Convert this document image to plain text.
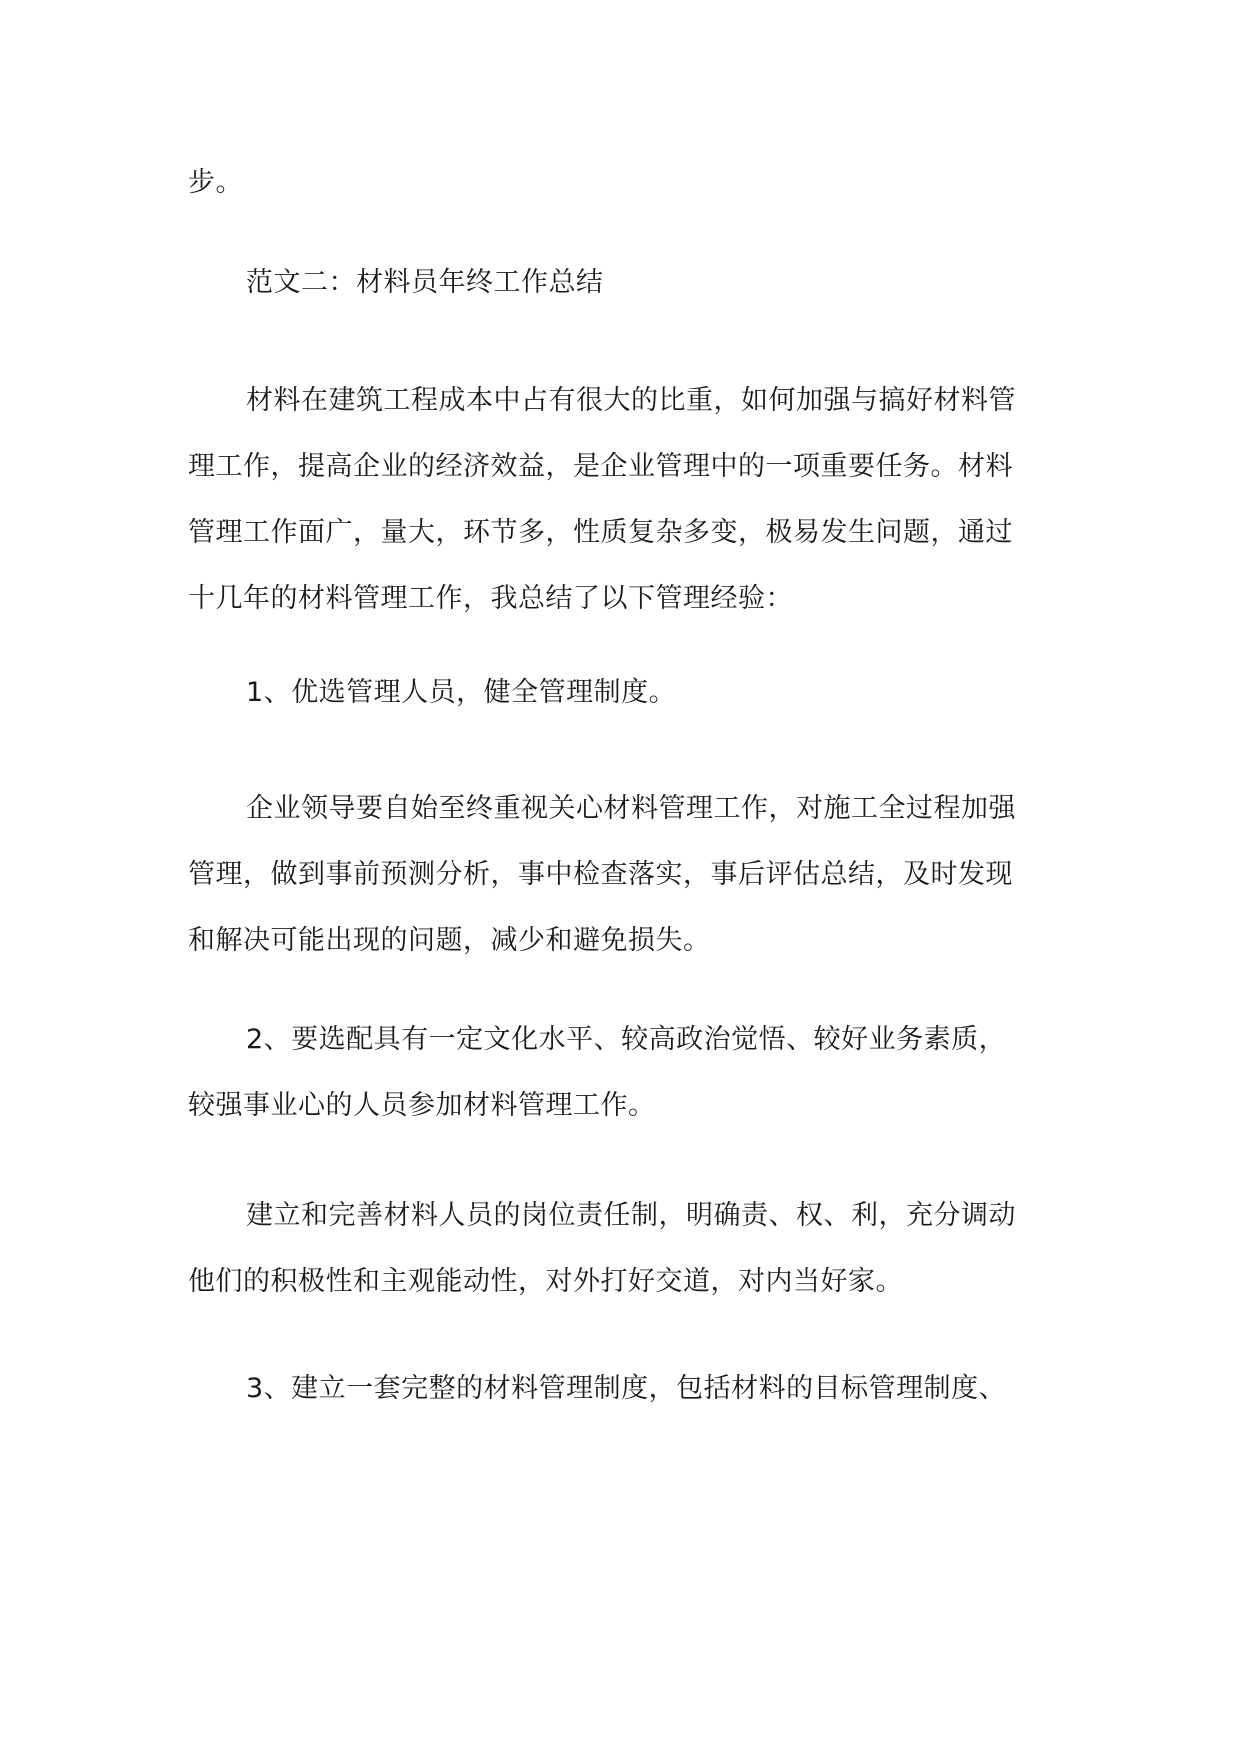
步。
范文二：材料员年终工作总结
材料在建筑工程成本中占有很大的比重，如何加强与搞好材料管
理工作，提高企业的经济效益，是企业管理中的一项重要任务。材料
管理工作面广，量大，环节多，性质复杂多变，极易发生问题，通过
十几年的材料管理工作，我总结了以下管理经验：
1、优选管理人员，健全管理制度。
企业领导要自始至终重视关心材料管理工作，对施工全过程加强
管理，做到事前预测分析，事中检查落实，事后评估总结，及时发现
和解决可能出现的问题，减少和避免损失。
2、要选配具有一定文化水平、较高政治觉悟、较好业务素质，
较强事业心的人员参加材料管理工作。
建立和完善材料人员的岗位责任制，明确责、权、利，充分调动
他们的积极性和主观能动性，对外打好交道，对内当好家。
3、建立一套完整的材料管理制度，包括材料的目标管理制度、
